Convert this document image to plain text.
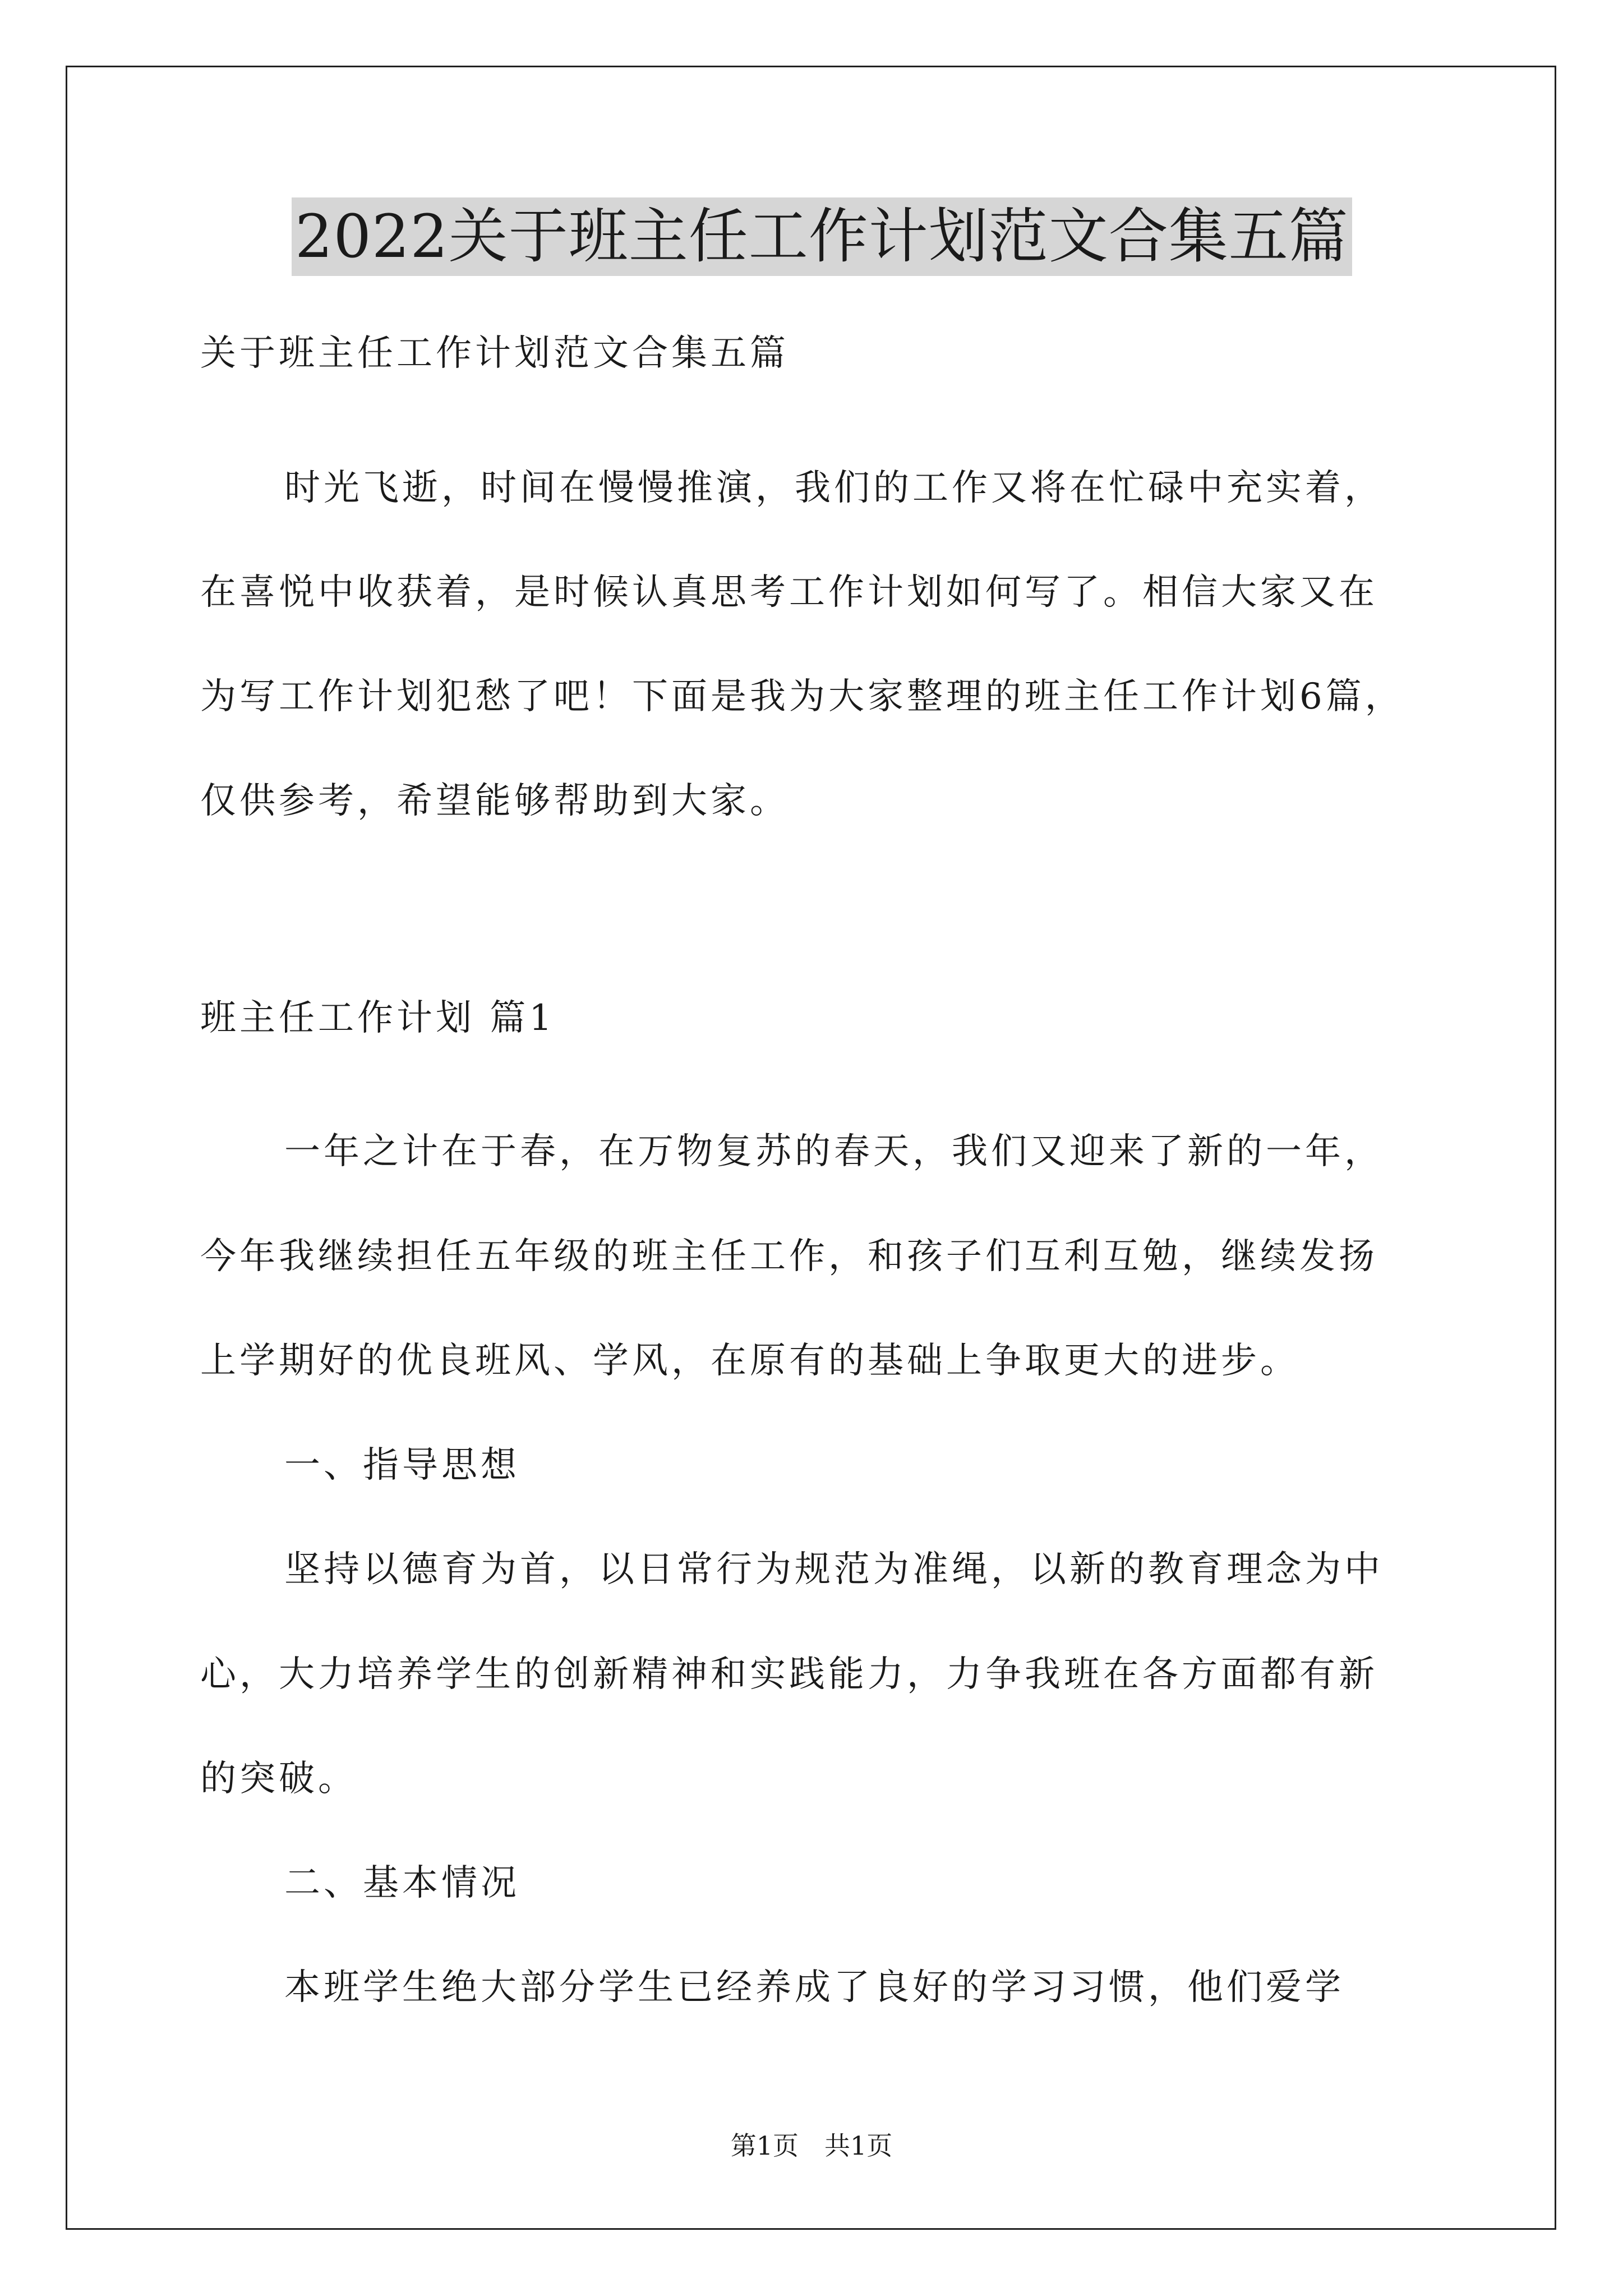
2022关于班主任工作计划范文合集五篇
关于班主任工作计划范文合集五篇
时光飞逝，时间在慢慢推演，我们的工作又将在忙碌中充实着，
在喜悦中收获着，是时候认真思考工作计划如何写了。相信大家又在
为写工作计划犯愁了吧！下面是我为大家整理的班主任工作计划6篇，
仅供参考，希望能够帮助到大家。
班主任工作计划 篇1
一年之计在于春，在万物复苏的春天，我们又迎来了新的一年，
今年我继续担任五年级的班主任工作，和孩子们互利互勉，继续发扬
上学期好的优良班风、学风，在原有的基础上争取更大的进步。
一、指导思想
坚持以德育为首，以日常行为规范为准绳，以新的教育理念为中
心，大力培养学生的创新精神和实践能力，力争我班在各方面都有新
的突破。
二、基本情况
本班学生绝大部分学生已经养成了良好的学习习惯，他们爱学
第1页　共1页
